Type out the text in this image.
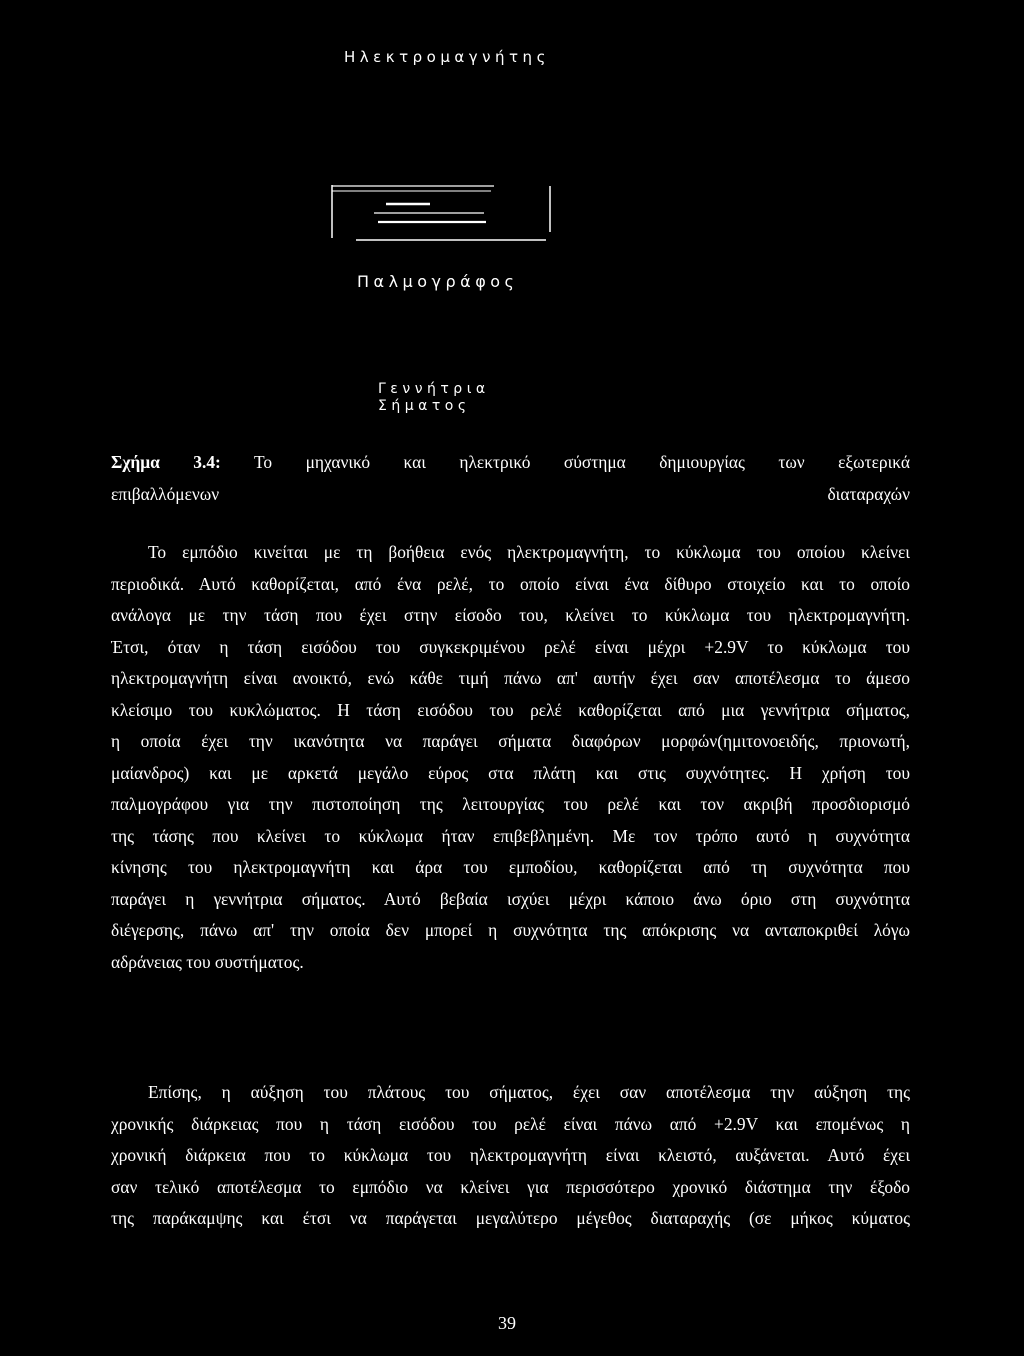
Ηλεκτρομαγνήτης
Παλμογράφος
Γεννήτρια
Σήματος
Σχήμα 3.4: Το μηχανικό και ηλεκτρικό σύστημα δημιουργίας των εξωτερικά
επιβαλλόμενων διαταραχών
Το εμπόδιο κινείται με τη βοήθεια ενός ηλεκτρομαγνήτη, το κύκλωμα του οποίου κλείνει
περιοδικά. Αυτό καθορίζεται, από ένα ρελέ, το οποίο είναι ένα δίθυρο στοιχείο και το οποίο
ανάλογα με την τάση που έχει στην είσοδο του, κλείνει το κύκλωμα του ηλεκτρομαγνήτη.
Έτσι, όταν η τάση εισόδου του συγκεκριμένου ρελέ είναι μέχρι +2.9V το κύκλωμα του
ηλεκτρομαγνήτη είναι ανοικτό, ενώ κάθε τιμή πάνω απ' αυτήν έχει σαν αποτέλεσμα το άμεσο
κλείσιμο του κυκλώματος. Η τάση εισόδου του ρελέ καθορίζεται από μια γεννήτρια σήματος,
η οποία έχει την ικανότητα να παράγει σήματα διαφόρων μορφών(ημιτονοειδής, πριονωτή,
μαίανδρος) και με αρκετά μεγάλο εύρος στα πλάτη και στις συχνότητες. Η χρήση του
παλμογράφου για την πιστοποίηση της λειτουργίας του ρελέ και τον ακριβή προσδιορισμό
της τάσης που κλείνει το κύκλωμα ήταν επιβεβλημένη. Με τον τρόπο αυτό η συχνότητα
κίνησης του ηλεκτρομαγνήτη και άρα του εμποδίου, καθορίζεται από τη συχνότητα που
παράγει η γεννήτρια σήματος. Αυτό βεβαία ισχύει μέχρι κάποιο άνω όριο στη συχνότητα
διέγερσης, πάνω απ' την οποία δεν μπορεί η συχνότητα της απόκρισης να ανταποκριθεί λόγω
αδράνειας του συστήματος.
Επίσης, η αύξηση του πλάτους του σήματος, έχει σαν αποτέλεσμα την αύξηση της
χρονικής διάρκειας που η τάση εισόδου του ρελέ είναι πάνω από +2.9V και επομένως η
χρονική διάρκεια που το κύκλωμα του ηλεκτρομαγνήτη είναι κλειστό, αυξάνεται. Αυτό έχει
σαν τελικό αποτέλεσμα το εμπόδιο να κλείνει για περισσότερο χρονικό διάστημα την έξοδο
της παράκαμψης και έτσι να παράγεται μεγαλύτερο μέγεθος διαταραχής (σε μήκος κύματος
39
